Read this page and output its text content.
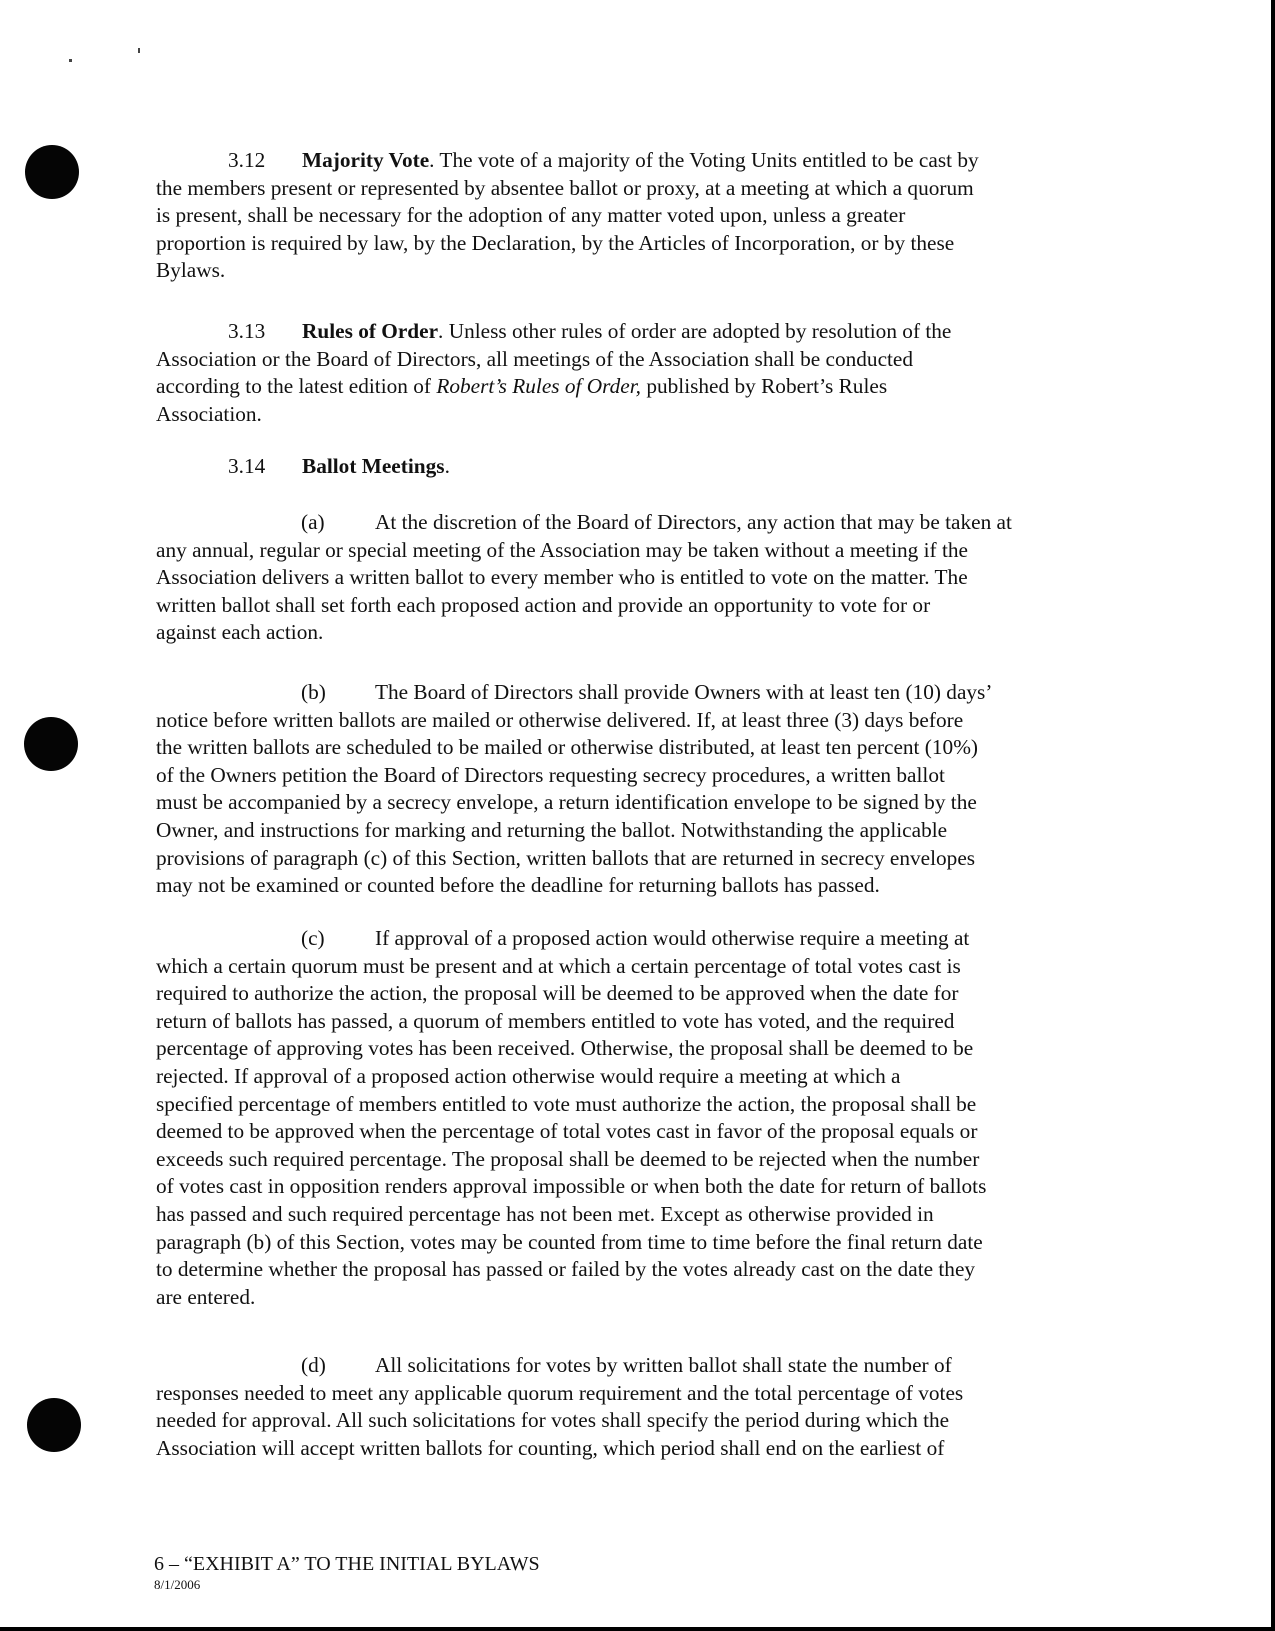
3.12 Majority Vote. The vote of a majority of the Voting Units entitled to be cast by
the members present or represented by absentee ballot or proxy, at a meeting at which a quorum
is present, shall be necessary for the adoption of any matter voted upon, unless a greater
proportion is required by law, by the Declaration, by the Articles of Incorporation, or by these
Bylaws.

3.13 Rules of Order. Unless other rules of order are adopted by resolution of the
Association or the Board of Directors, all meetings of the Association shall be conducted
according to the latest edition of Robert’s Rules of Order, published by Robert’s Rules
Association.

3.14 Ballot Meetings.

(a) At the discretion of the Board of Directors, any action that may be taken at
any annual, regular or special meeting of the Association may be taken without a meeting if the
Association delivers a written ballot to every member who is entitled to vote on the matter. The
written ballot shall set forth each proposed action and provide an opportunity to vote for or
against each action.

(b) The Board of Directors shall provide Owners with at least ten (10) days’
notice before written ballots are mailed or otherwise delivered. If, at least three (3) days before
the written ballots are scheduled to be mailed or otherwise distributed, at least ten percent (10%)
of the Owners petition the Board of Directors requesting secrecy procedures, a written ballot
must be accompanied by a secrecy envelope, a return identification envelope to be signed by the
Owner, and instructions for marking and returning the ballot. Notwithstanding the applicable
provisions of paragraph (c) of this Section, written ballots that are returned in secrecy envelopes
may not be examined or counted before the deadline for returning ballots has passed.

(c) If approval of a proposed action would otherwise require a meeting at
which a certain quorum must be present and at which a certain percentage of total votes cast is
required to authorize the action, the proposal will be deemed to be approved when the date for
return of ballots has passed, a quorum of members entitled to vote has voted, and the required
percentage of approving votes has been received. Otherwise, the proposal shall be deemed to be
rejected. If approval of a proposed action otherwise would require a meeting at which a
specified percentage of members entitled to vote must authorize the action, the proposal shall be
deemed to be approved when the percentage of total votes cast in favor of the proposal equals or
exceeds such required percentage. The proposal shall be deemed to be rejected when the number
of votes cast in opposition renders approval impossible or when both the date for return of ballots
has passed and such required percentage has not been met. Except as otherwise provided in
paragraph (b) of this Section, votes may be counted from time to time before the final return date
to determine whether the proposal has passed or failed by the votes already cast on the date they
are entered.

(d) All solicitations for votes by written ballot shall state the number of
responses needed to meet any applicable quorum requirement and the total percentage of votes
needed for approval. All such solicitations for votes shall specify the period during which the
Association will accept written ballots for counting, which period shall end on the earliest of

6 – “EXHIBIT A” TO THE INITIAL BYLAWS
8/1/2006
